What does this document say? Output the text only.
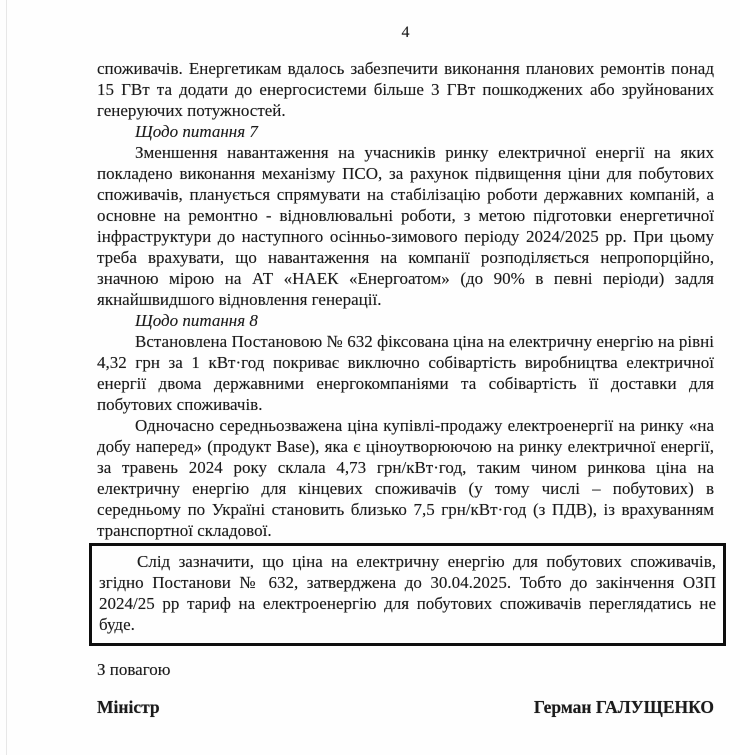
4

споживачів. Енергетикам вдалось забезпечити виконання планових ремонтів понад 15 ГВт та додати до енергосистеми більше 3 ГВт пошкоджених або зруйнованих генеруючих потужностей.

Щодо питання 7

Зменшення навантаження на учасників ринку електричної енергії на яких покладено виконання механізму ПСО, за рахунок підвищення ціни для побутових споживачів, планується спрямувати на стабілізацію роботи державних компаній, а основне на ремонтно - відновлювальні роботи, з метою підготовки енергетичної інфраструктури до наступного осінньо-зимового періоду 2024/2025 рр. При цьому треба врахувати, що навантаження на компанії розподіляється непропорційно, значною мірою на АТ «НАЕК «Енергоатом» (до 90% в певні періоди) задля якнайшвидшого відновлення генерації.

Щодо питання 8

Встановлена Постановою № 632 фіксована ціна на електричну енергію на рівні 4,32 грн за 1 кВт·год покриває виключно собівартість виробництва електричної енергії двома державними енергокомпаніями та собівартість її доставки для побутових споживачів.

Одночасно середньозважена ціна купівлі-продажу електроенергії на ринку «на добу наперед» (продукт Base), яка є ціноутворюючою на ринку електричної енергії, за травень 2024 року склала 4,73 грн/кВт·год, таким чином ринкова ціна на електричну енергію для кінцевих споживачів (у тому числі – побутових) в середньому по Україні становить близько 7,5 грн/кВт·год (з ПДВ), із врахуванням транспортної складової.

Слід зазначити, що ціна на електричну енергію для побутових споживачів, згідно Постанови № 632, затверджена до 30.04.2025. Тобто до закінчення ОЗП 2024/25 рр тариф на електроенергію для побутових споживачів переглядатись не буде.

З повагою
Міністр	Герман ГАЛУЩЕНКО
